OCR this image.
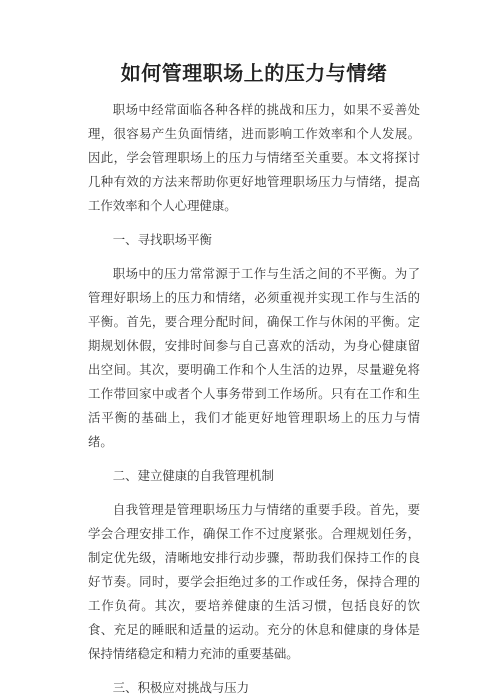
如何管理职场上的压力与情绪

职场中经常面临各种各样的挑战和压力，如果不妥善处理，很容易产生负面情绪，进而影响工作效率和个人发展。因此，学会管理职场上的压力与情绪至关重要。本文将探讨几种有效的方法来帮助你更好地管理职场压力与情绪，提高工作效率和个人心理健康。

一、寻找职场平衡

职场中的压力常常源于工作与生活之间的不平衡。为了管理好职场上的压力和情绪，必须重视并实现工作与生活的平衡。首先，要合理分配时间，确保工作与休闲的平衡。定期规划休假，安排时间参与自己喜欢的活动，为身心健康留出空间。其次，要明确工作和个人生活的边界，尽量避免将工作带回家中或者个人事务带到工作场所。只有在工作和生活平衡的基础上，我们才能更好地管理职场上的压力与情绪。

二、建立健康的自我管理机制

自我管理是管理职场压力与情绪的重要手段。首先，要学会合理安排工作，确保工作不过度紧张。合理规划任务，制定优先级，清晰地安排行动步骤，帮助我们保持工作的良好节奏。同时，要学会拒绝过多的工作或任务，保持合理的工作负荷。其次，要培养健康的生活习惯，包括良好的饮食、充足的睡眠和适量的运动。充分的休息和健康的身体是保持情绪稳定和精力充沛的重要基础。

三、积极应对挑战与压力
